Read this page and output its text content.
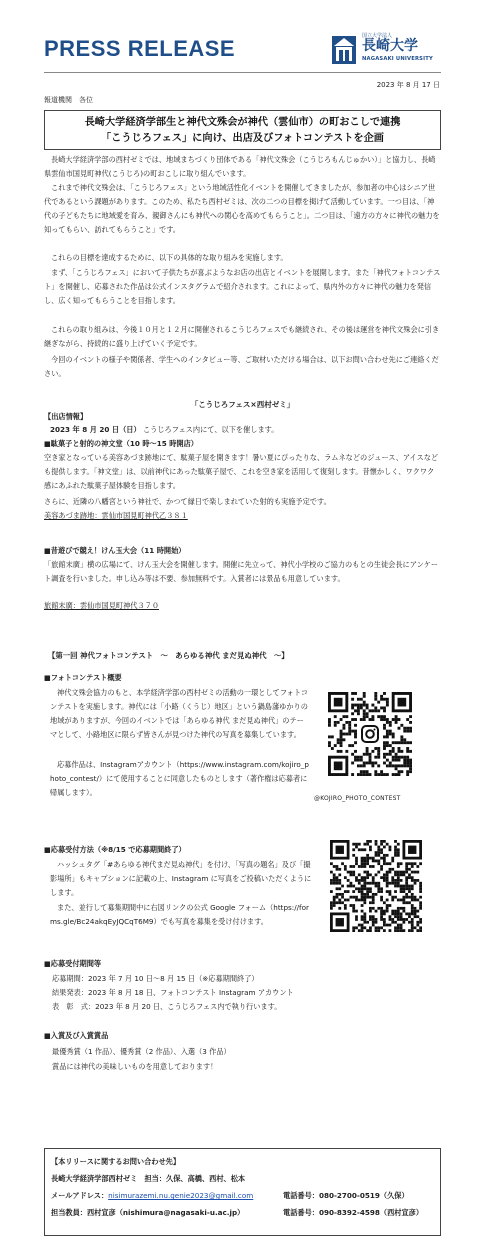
PRESS RELEASE	国立大学法人
長崎大学
NAGASAKI UNIVERSITY
2023 年 8 月 17 日
報道機関　各位
長崎大学経済学部生と神代文殊会が神代（雲仙市）の町おこしで連携
「こうじろフェス」に向け、出店及びフォトコンテストを企画
長崎大学経済学部の西村ゼミでは、地域まちづくり団体である「神代文殊会（こうじろもんじゅかい）」と協力し、長崎県雲仙市国見町神代(こうじろ)の町おこしに取り組んでいます。
これまで神代文殊会は、「こうじろフェス」という地域活性化イベントを開催してきましたが、参加者の中心はシニア世代であるという課題があります。このため、私たち西村ゼミは、次の二つの目標を掲げて活動しています。一つ目は、「神代の子どもたちに地域愛を育み、親御さんにも神代への関心を高めてもらうこと」。二つ目は、「遠方の方々に神代の魅力を知ってもらい、訪れてもらうこと」です。
これらの目標を達成するために、以下の具体的な取り組みを実施します。
まず、「こうじろフェス」において子供たちが喜ぶようなお店の出店とイベントを展開します。また「神代フォトコンテスト」を開催し、応募された作品は公式インスタグラムで紹介されます。これによって、県内外の方々に神代の魅力を発信し、広く知ってもらうことを目指します。
これらの取り組みは、今後１０月と１２月に開催されるこうじろフェスでも継続され、その後は運営を神代文殊会に引き継ぎながら、持続的に盛り上げていく予定です。
今回のイベントの様子や関係者、学生へのインタビュー等、ご取材いただける場合は、以下お問い合わせ先にご連絡ください。
「こうじろフェス×西村ゼミ」
【出店情報】
2023 年 8 月 20 日（日） こうじろフェス内にて、以下を催します。
■駄菓子と射的の神文堂（10 時〜15 時開店）
空き家となっている美容あづま跡地にて、駄菓子屋を開きます！暑い夏にぴったりな、ラムネなどのジュース、アイスなども提供します。「神文堂」は、以前神代にあった駄菓子屋で、これを空き家を活用して復刻します。昔懐かしく、ワクワク感にあふれた駄菓子屋体験を目指します。
さらに、近隣の八幡宮という神社で、かつて縁日で楽しまれていた射的も実施予定です。
美容あづま跡地：雲仙市国見町神代乙３８１
■昔遊びで競え！けん玉大会（11 時開始）
「旅館末廣」横の広場にて、けん玉大会を開催します。開催に先立って、神代小学校のご協力のもとの生徒会長にアンケート調査を行いました。申し込み等は不要、参加無料です。入賞者には景品も用意しています。
旅館末廣：雲仙市国見町神代３７０
【第一回 神代フォトコンテスト　～　あらゆる神代 まだ見ぬ神代　～】
■フォトコンテスト概要
神代文殊会協力のもと、本学経済学部の西村ゼミの活動の一環としてフォトコンテストを実施します。神代には「小路（くうじ）地区」という鍋島藩ゆかりの地域がありますが、今回のイベントでは「あらゆる神代 まだ見ぬ神代」のテーマとして、小路地区に限らず皆さんが見つけた神代の写真を募集しています。
応募作品は、Instagramアカウント（https://www.instagram.com/kojiro_photo_contest/）にて使用することに同意したものとします（著作権は応募者に帰属します）。
@KOJIRO_PHOTO_CONTEST
■応募受付方法（※8/15 で応募期間終了）
ハッシュタグ「#あらゆる神代まだ見ぬ神代」を付け、「写真の題名」及び「撮影場所」もキャプションに記載の上、Instagram に写真をご投稿いただくようにします。
また、並行して募集期間中に右図リンクの公式 Google フォーム（https://forms.gle/Bc24akqEyJQCqT6M9）でも写真を募集を受け付けます。
■応募受付期間等
応募期間：2023 年 7 月 10 日〜8 月 15 日（※応募期間終了）
結果発表：2023 年 8 月 18 日、フォトコンテスト Instagram アカウント
表　彰　式：2023 年 8 月 20 日、こうじろフェス内で執り行います。
■入賞及び入賞賞品
最優秀賞（1 作品）、優秀賞（2 作品）、入選（3 作品）
賞品には神代の美味しいものを用意しております！
【本リリースに関するお問い合わせ先】
長崎大学経済学部西村ゼミ　担当：久保、高橋、西村、松本
メールアドレス：nisimurazemi.nu.genie2023@gmail.com	電話番号：080-2700-0519（久保）
担当教員：西村宣彦（nishimura@nagasaki-u.ac.jp）	電話番号：090-8392-4598（西村宣彦）
